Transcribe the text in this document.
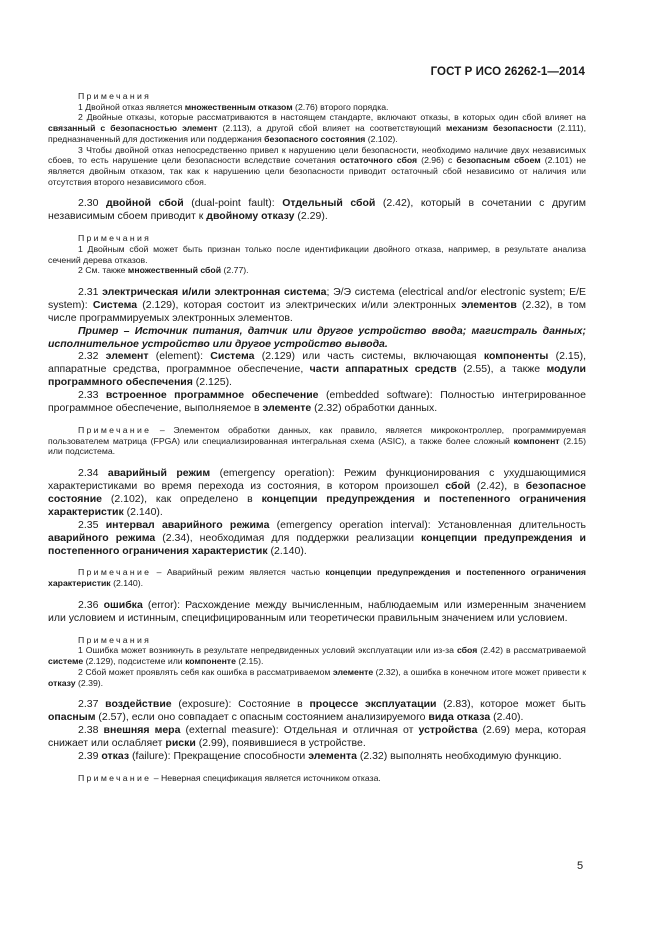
ГОСТ Р ИСО 26262-1—2014
Примечания
1 Двойной отказ является множественным отказом (2.76) второго порядка.
2 Двойные отказы, которые рассматриваются в настоящем стандарте, включают отказы, в которых один сбой влияет на связанный с безопасностью элемент (2.113), а другой сбой влияет на соответствующий механизм безопасности (2.111), предназначенный для достижения или поддержания безопасного состояния (2.102).
3 Чтобы двойной отказ непосредственно привел к нарушению цели безопасности, необходимо наличие двух независимых сбоев, то есть нарушение цели безопасности вследствие сочетания остаточного сбоя (2.96) с безопасным сбоем (2.101) не является двойным отказом, так как к нарушению цели безопасности приводит остаточный сбой независимо от наличия или отсутствия второго независимого сбоя.
2.30 двойной сбой (dual-point fault): Отдельный сбой (2.42), который в сочетании с другим независимым сбоем приводит к двойному отказу (2.29).
Примечания
1 Двойным сбой может быть признан только после идентификации двойного отказа, например, в результате анализа сечений дерева отказов.
2 См. также множественный сбой (2.77).
2.31 электрическая и/или электронная система; Э/Э система (electrical and/or electronic system; E/E system): Система (2.129), которая состоит из электрических и/или электронных элементов (2.32), в том числе программируемых электронных элементов.
Пример – Источник питания, датчик или другое устройство ввода; магистраль данных; исполнительное устройство или другое устройство вывода.
2.32 элемент (element): Система (2.129) или часть системы, включающая компоненты (2.15), аппаратные средства, программное обеспечение, части аппаратных средств (2.55), а также модули программного обеспечения (2.125).
2.33 встроенное программное обеспечение (embedded software): Полностью интегрированное программное обеспечение, выполняемое в элементе (2.32) обработки данных.
Примечание – Элементом обработки данных, как правило, является микроконтроллер, программируемая пользователем матрица (FPGA) или специализированная интегральная схема (ASIC), а также более сложный компонент (2.15) или подсистема.
2.34 аварийный режим (emergency operation): Режим функционирования с ухудшающимися характеристиками во время перехода из состояния, в котором произошел сбой (2.42), в безопасное состояние (2.102), как определено в концепции предупреждения и постепенного ограничения характеристик (2.140).
2.35 интервал аварийного режима (emergency operation interval): Установленная длительность аварийного режима (2.34), необходимая для поддержки реализации концепции предупреждения и постепенного ограничения характеристик (2.140).
Примечание – Аварийный режим является частью концепции предупреждения и постепенного ограничения характеристик (2.140).
2.36 ошибка (error): Расхождение между вычисленным, наблюдаемым или измеренным значением или условием и истинным, специфицированным или теоретически правильным значением или условием.
Примечания
1 Ошибка может возникнуть в результате непредвиденных условий эксплуатации или из-за сбоя (2.42) в рассматриваемой системе (2.129), подсистеме или компоненте (2.15).
2 Сбой может проявлять себя как ошибка в рассматриваемом элементе (2.32), а ошибка в конечном итоге может привести к отказу (2.39).
2.37 воздействие (exposure): Состояние в процессе эксплуатации (2.83), которое может быть опасным (2.57), если оно совпадает с опасным состоянием анализируемого вида отказа (2.40).
2.38 внешняя мера (external measure): Отдельная и отличная от устройства (2.69) мера, которая снижает или ослабляет риски (2.99), появившиеся в устройстве.
2.39 отказ (failure): Прекращение способности элемента (2.32) выполнять необходимую функцию.
Примечание – Неверная спецификация является источником отказа.
5
